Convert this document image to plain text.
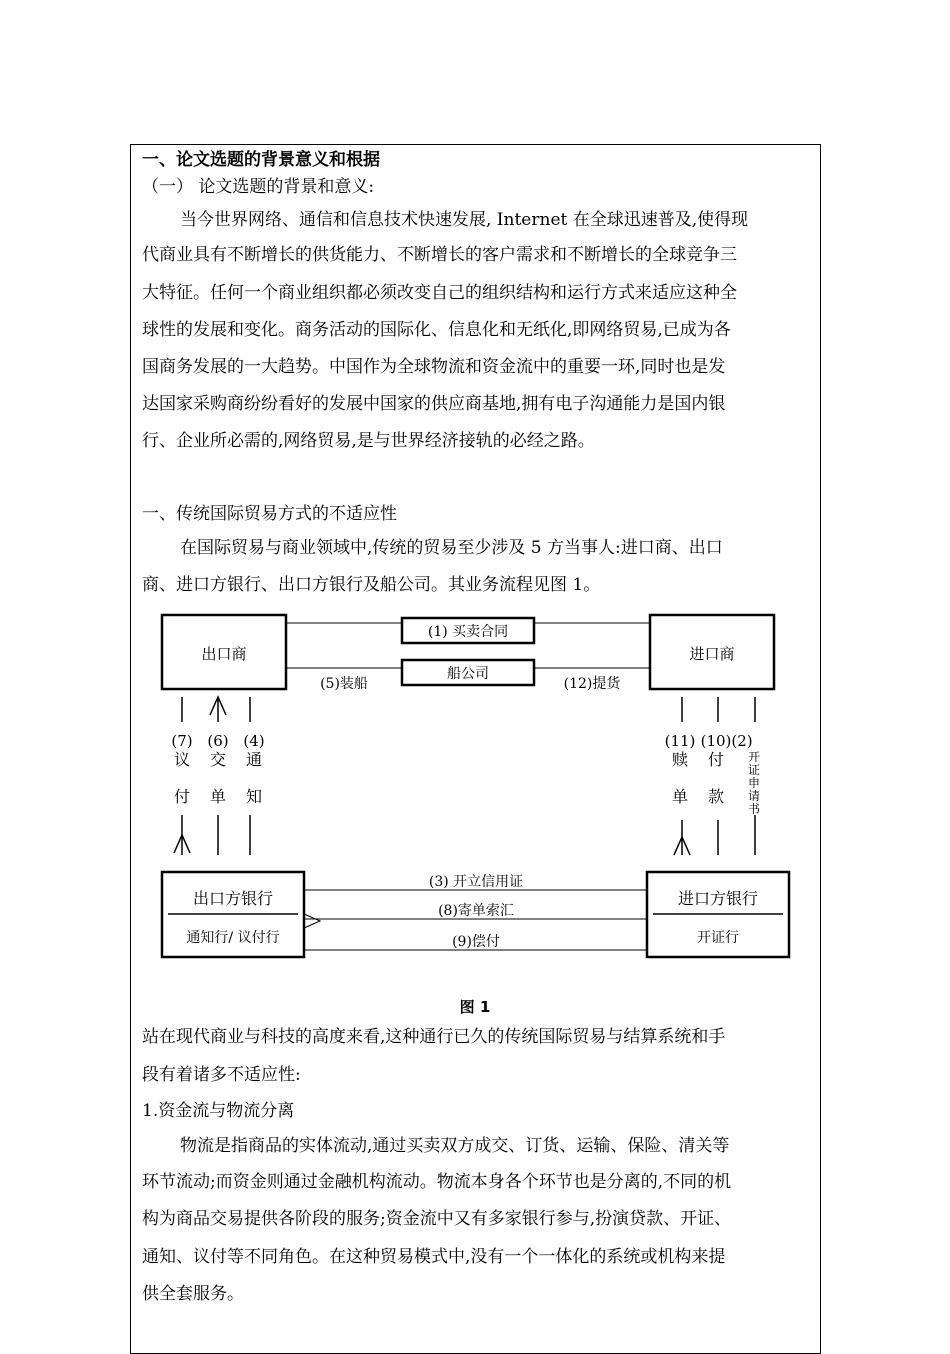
一、论文选题的背景意义和根据
（一） 论文选题的背景和意义:
当今世界网络、通信和信息技术快速发展, Internet 在全球迅速普及,使得现
代商业具有不断增长的供货能力、不断增长的客户需求和不断增长的全球竞争三
大特征。任何一个商业组织都必须改变自己的组织结构和运行方式来适应这种全
球性的发展和变化。商务活动的国际化、信息化和无纸化,即网络贸易,已成为各
国商务发展的一大趋势。中国作为全球物流和资金流中的重要一环,同时也是发
达国家采购商纷纷看好的发展中国家的供应商基地,拥有电子沟通能力是国内银
行、企业所必需的,网络贸易,是与世界经济接轨的必经之路。
一、传统国际贸易方式的不适应性
在国际贸易与商业领域中,传统的贸易至少涉及 5 方当事人:进口商、出口
商、进口方银行、出口方银行及船公司。其业务流程见图 1。
出口商	进口商
(1) 买卖合同
船公司
(5)装船	(12)提货
(7) (6) (4)
议
付
交
单
通
知
(11) (10) (2)
赎
单
付
款
开
证
申
请
书
出口方银行
通知行/ 议付行
进口方银行
开证行
(3) 开立信用证
(8)寄单索汇
(9)偿付
图 1
站在现代商业与科技的高度来看,这种通行已久的传统国际贸易与结算系统和手
段有着诸多不适应性:
1.资金流与物流分离
物流是指商品的实体流动,通过买卖双方成交、订货、运输、保险、清关等
环节流动;而资金则通过金融机构流动。物流本身各个环节也是分离的,不同的机
构为商品交易提供各阶段的服务;资金流中又有多家银行参与,扮演贷款、开证、
通知、议付等不同角色。在这种贸易模式中,没有一个一体化的系统或机构来提
供全套服务。
